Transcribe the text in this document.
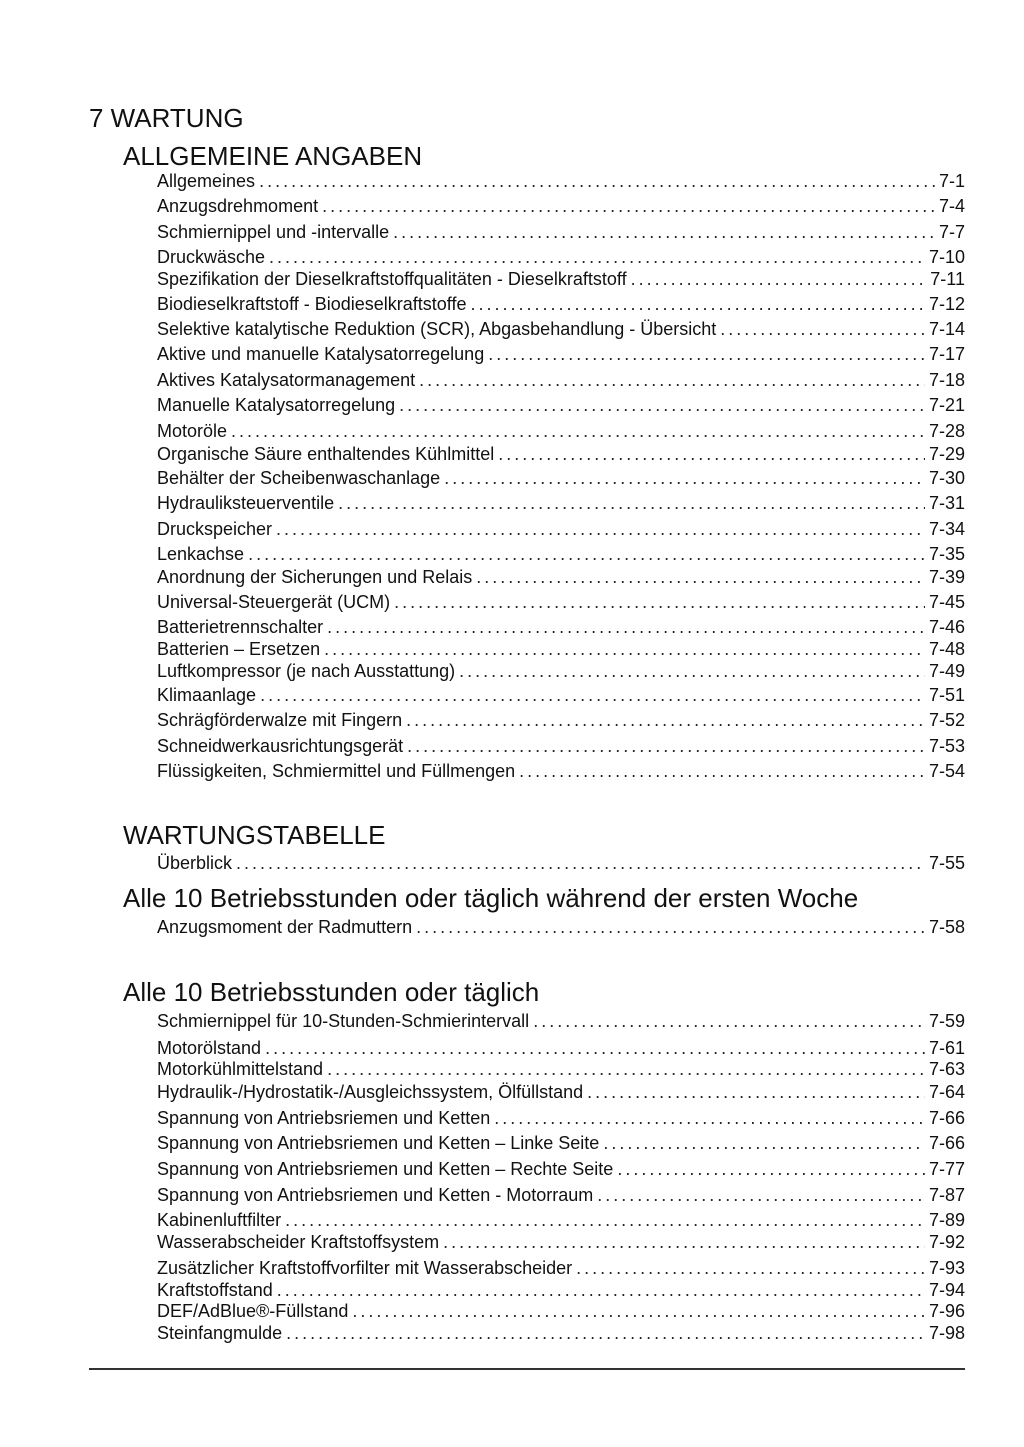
7 WARTUNG
ALLGEMEINE ANGABEN
Allgemeines . . .	7-1
Anzugsdrehmoment . . .	7-4
Schmiernippel und -intervalle . . .	7-7
Druckwäsche . . .	7-10
Spezifikation der Dieselkraftstoffqualitäten - Dieselkraftstoff . . .	7-11
Biodieselkraftstoff - Biodieselkraftstoffe . . .	7-12
Selektive katalytische Reduktion (SCR), Abgasbehandlung - Übersicht . . .	7-14
Aktive und manuelle Katalysatorregelung . . .	7-17
Aktives Katalysatormanagement . . .	7-18
Manuelle Katalysatorregelung . . .	7-21
Motoröle . . .	7-28
Organische Säure enthaltendes Kühlmittel . . .	7-29
Behälter der Scheibenwaschanlage . . .	7-30
Hydrauliksteuerventile . . .	7-31
Druckspeicher . . .	7-34
Lenkachse . . .	7-35
Anordnung der Sicherungen und Relais . . .	7-39
Universal-Steuergerät (UCM) . . .	7-45
Batterietrennschalter . . .	7-46
Batterien – Ersetzen . . .	7-48
Luftkompressor (je nach Ausstattung) . . .	7-49
Klimaanlage . . .	7-51
Schrägförderwalze mit Fingern . . .	7-52
Schneidwerkausrichtungsgerät . . .	7-53
Flüssigkeiten, Schmiermittel und Füllmengen . . .	7-54
WARTUNGSTABELLE
Überblick . . .	7-55
Alle 10 Betriebsstunden oder täglich während der ersten Woche
Anzugsmoment der Radmuttern . . .	7-58
Alle 10 Betriebsstunden oder täglich
Schmiernippel für 10-Stunden-Schmierintervall . . .	7-59
Motorölstand . . .	7-61
Motorkühlmittelstand . . .	7-63
Hydraulik-/Hydrostatik-/Ausgleichssystem, Ölfüllstand . . .	7-64
Spannung von Antriebsriemen und Ketten . . .	7-66
Spannung von Antriebsriemen und Ketten – Linke Seite . . .	7-66
Spannung von Antriebsriemen und Ketten – Rechte Seite . . .	7-77
Spannung von Antriebsriemen und Ketten - Motorraum . . .	7-87
Kabinenluftfilter . . .	7-89
Wasserabscheider Kraftstoffsystem . . .	7-92
Zusätzlicher Kraftstoffvorfilter mit Wasserabscheider . . .	7-93
Kraftstoffstand . . .	7-94
DEF/AdBlue®-Füllstand . . .	7-96
Steinfangmulde . . .	7-98
